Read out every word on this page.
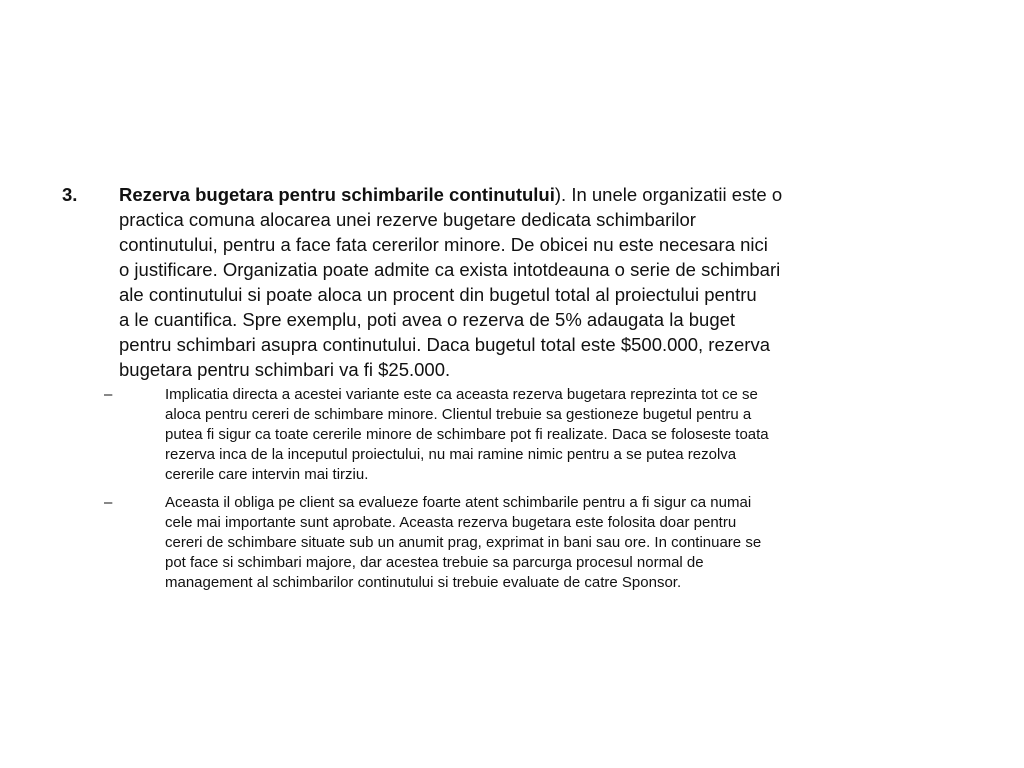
3. Rezerva bugetara pentru schimbarile continutului). In unele organizatii este o
practica comuna alocarea unei rezerve bugetare dedicata schimbarilor
continutului, pentru a face fata cererilor minore. De obicei nu este necesara nici
o justificare. Organizatia poate admite ca exista intotdeauna o serie de schimbari
ale continutului si poate aloca un procent din bugetul total al proiectului pentru
a le cuantifica. Spre exemplu, poti avea o rezerva de 5% adaugata la buget
pentru schimbari asupra continutului. Daca bugetul total este $500.000, rezerva
bugetara pentru schimbari va fi $25.000.
–	Implicatia directa a acestei variante este ca aceasta rezerva bugetara reprezinta tot ce se
aloca pentru cereri de schimbare minore. Clientul trebuie sa gestioneze bugetul pentru a
putea fi sigur ca toate cererile minore de schimbare pot fi realizate. Daca se foloseste toata
rezerva inca de la inceputul proiectului, nu mai ramine nimic pentru a se putea rezolva
cererile care intervin mai tirziu.
–	Aceasta il obliga pe client sa evalueze foarte atent schimbarile pentru a fi sigur ca numai
cele mai importante sunt aprobate. Aceasta rezerva bugetara este folosita doar pentru
cereri de schimbare situate sub un anumit prag, exprimat in bani sau ore. In continuare se
pot face si schimbari majore, dar acestea trebuie sa parcurga procesul normal de
management al schimbarilor continutului si trebuie evaluate de catre Sponsor.
